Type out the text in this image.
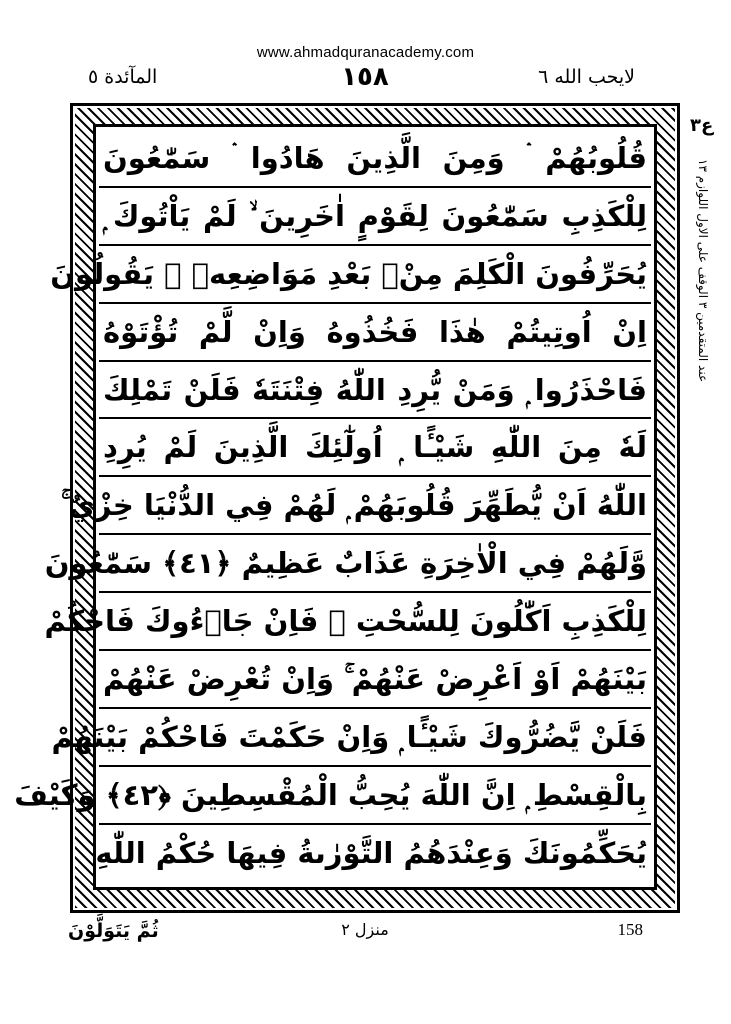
www.ahmadquranacademy.com
المآئدة ٥	١٥٨	لايحب الله ٦
قُلُوبُهُمْ ۛ وَمِنَ الَّذِينَ هَادُوا ۛ سَمّٰعُونَ
لِلْكَذِبِ سَمّٰعُونَ لِقَوْمٍ اٰخَرِينَ ۙ لَمْ يَاْتُوكَ ۭ
يُحَرِّفُونَ الْكَلِمَ مِنْۢ بَعْدِ مَوَاضِعِهٖ ۚ يَقُولُونَ
اِنْ اُوتِيتُمْ هٰذَا فَخُذُوهُ وَاِنْ لَّمْ تُؤْتَوْهُ
فَاحْذَرُوا ۭ وَمَنْ يُّرِدِ اللّٰهُ فِتْنَتَهٗ فَلَنْ تَمْلِكَ
لَهٗ مِنَ اللّٰهِ شَيْـًٔا ۭ اُولٰٓئِكَ الَّذِينَ لَمْ يُرِدِ
اللّٰهُ اَنْ يُّطَهِّرَ قُلُوبَهُمْ ۭ لَهُمْ فِي الدُّنْيَا خِزْيٌ ۚ
وَّلَهُمْ فِي الْاٰخِرَةِ عَذَابٌ عَظِيمٌ ﴿٤١﴾ سَمّٰعُونَ
لِلْكَذِبِ اَكّٰلُونَ لِلسُّحْتِ ۭ فَاِنْ جَاۗءُوكَ فَاحْكُمْ
بَيْنَهُمْ اَوْ اَعْرِضْ عَنْهُمْ ۚ وَاِنْ تُعْرِضْ عَنْهُمْ
فَلَنْ يَّضُرُّوكَ شَيْـًٔا ۭ وَاِنْ حَكَمْتَ فَاحْكُمْ بَيْنَهُمْ
بِالْقِسْطِ ۭ اِنَّ اللّٰهَ يُحِبُّ الْمُقْسِطِينَ ﴿٤٢﴾ وَكَيْفَ
يُحَكِّمُونَكَ وَعِنْدَهُمُ التَّوْرٰىةُ فِيهَا حُكْمُ اللّٰهِ
ع٣
عند المتقدمين ٣ الوقف على الاول اللوازم ١٣
ثُمَّ يَتَوَلَّوْنَ	منزل ٢	158
